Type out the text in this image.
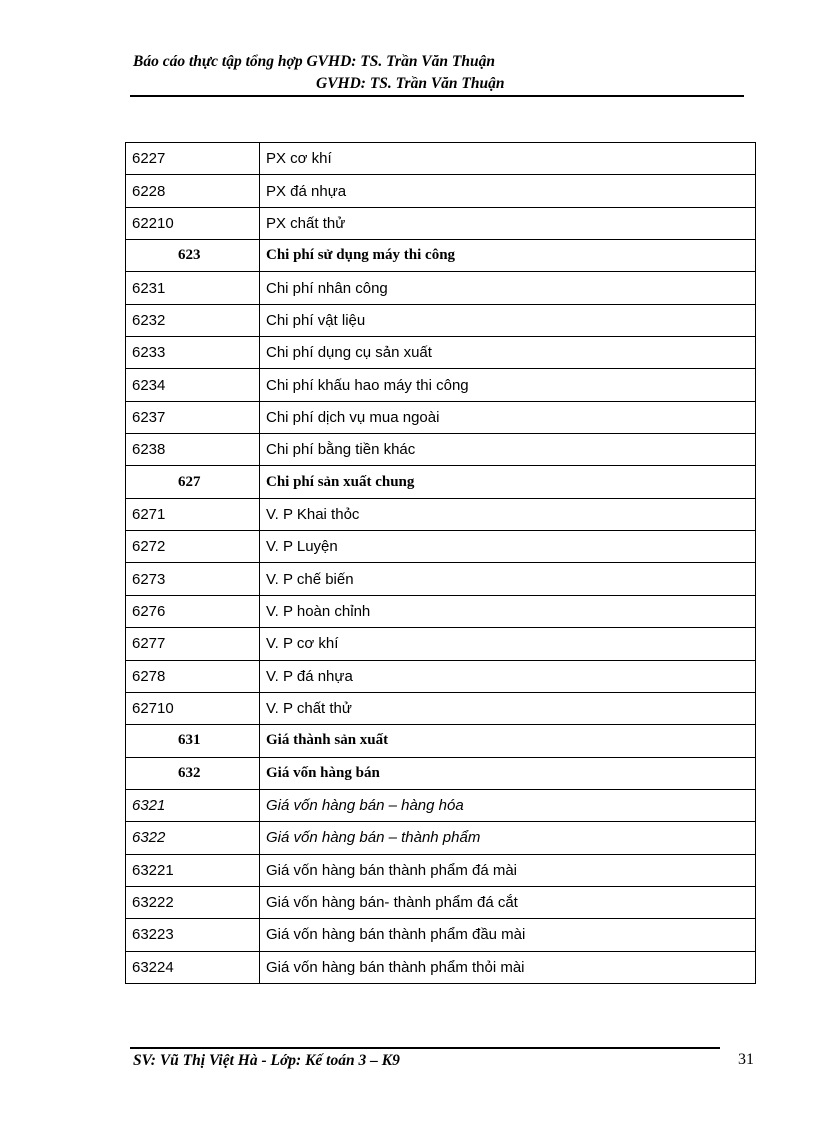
Báo cáo thực tập tổng hợp GVHD: TS. Trần Văn Thuận
GVHD: TS. Trần Văn Thuận
6227	PX cơ khí
6228	PX đá nhựa
62210	PX chất thử
623	Chi phí sử dụng máy thi công
6231	Chi phí nhân công
6232	Chi phí vật liệu
6233	Chi phí dụng cụ sản xuất
6234	Chi phí khấu hao máy thi công
6237	Chi phí dịch vụ mua ngoài
6238	Chi phí bằng tiền khác
627	Chi phí sản xuất chung
6271	V. P Khai thỏc
6272	V. P Luyện
6273	V. P chế biến
6276	V. P hoàn chỉnh
6277	V. P cơ khí
6278	V. P đá nhựa
62710	V. P chất thử
631	Giá thành sản xuất
632	Giá vốn hàng bán
6321	Giá vốn hàng bán – hàng hóa
6322	Giá vốn hàng bán – thành phẩm
63221	Giá vốn hàng bán thành phẩm đá mài
63222	Giá vốn hàng bán- thành phẩm đá cắt
63223	Giá vốn hàng bán thành phẩm đầu mài
63224	Giá vốn hàng bán thành phẩm thỏi mài
SV: Vũ Thị Việt Hà - Lớp: Kế toán 3 – K9	31
